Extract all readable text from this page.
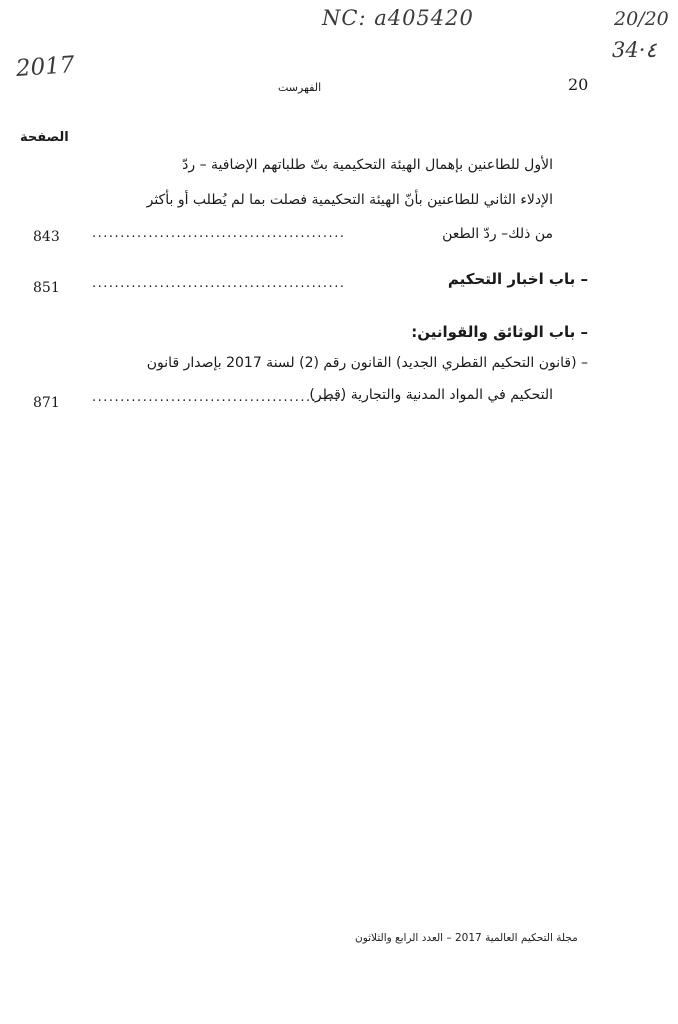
NC: a405420	20/20
34·٤
2017
20
الفهرست
الصفحة
الأول للطاعنين بإهمال الهيئة التحكيمية بتّ طلباتهم الإضافية – ردّ
الإدلاء الثاني للطاعنين بأنّ الهيئة التحكيمية فصلت بما لم يُطلب أو بأكثر
من ذلك– ردّ الطعن
.............................................
843
– باب اخبار التحكيم
.............................................
851
– باب الوثائق والقوانين:
– (قانون التحكيم القطري الجديد) القانون رقم (2) لسنة 2017 بإصدار قانون
التحكيم في المواد المدنية والتجارية (قطر)
.............................................
871
مجلة التحكيم العالمية 2017 – العدد الرابع والثلاثون
